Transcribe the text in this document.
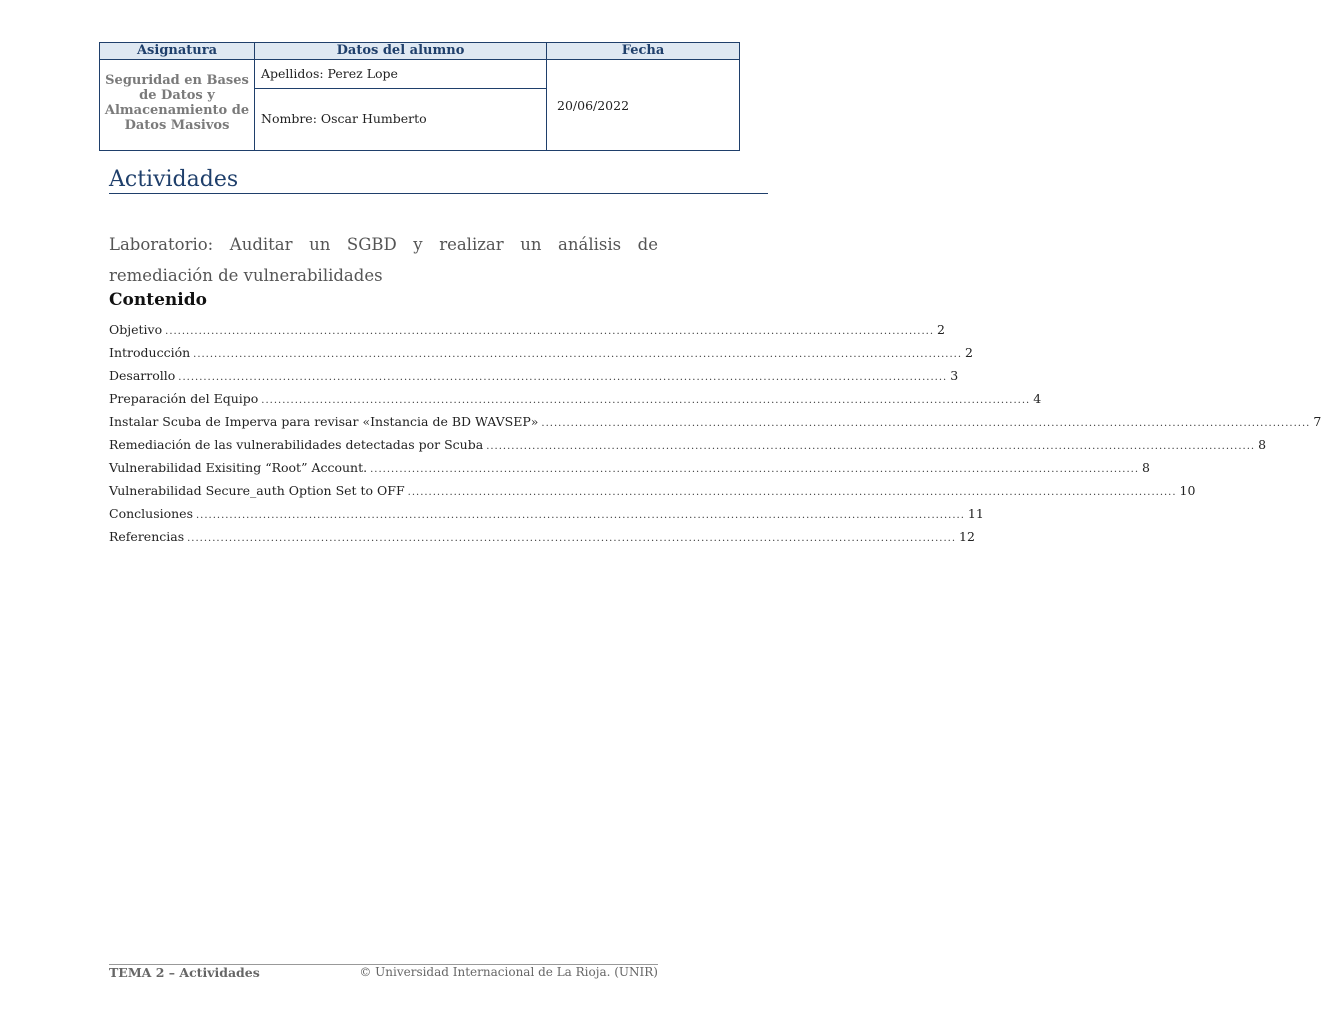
Asignatura
Seguridad en Bases de Datos y Almacenamiento de Datos Masivos
Datos del alumno
Apellidos: Perez Lope
Nombre: Oscar Humberto
Fecha
20/06/2022
Actividades
Laboratorio: Auditar un SGBD y realizar un análisis de
remediación de vulnerabilidades
Contenido
Objetivo ........................................................................................................................................................................................ 2
Introducción ........................................................................................................................................................................................ 2
Desarrollo ........................................................................................................................................................................................ 3
Preparación del Equipo ........................................................................................................................................................................................ 4
Instalar Scuba de Imperva para revisar «Instancia de BD WAVSEP» ........................................................................................................................................................................................ 7
Remediación de las vulnerabilidades detectadas por Scuba ........................................................................................................................................................................................ 8
Vulnerabilidad Exisiting “Root” Account. ........................................................................................................................................................................................ 8
Vulnerabilidad Secure_auth Option Set to OFF ........................................................................................................................................................................................ 10
Conclusiones ........................................................................................................................................................................................ 11
Referencias ........................................................................................................................................................................................ 12
TEMA 2 – Actividades	© Universidad Internacional de La Rioja. (UNIR)
